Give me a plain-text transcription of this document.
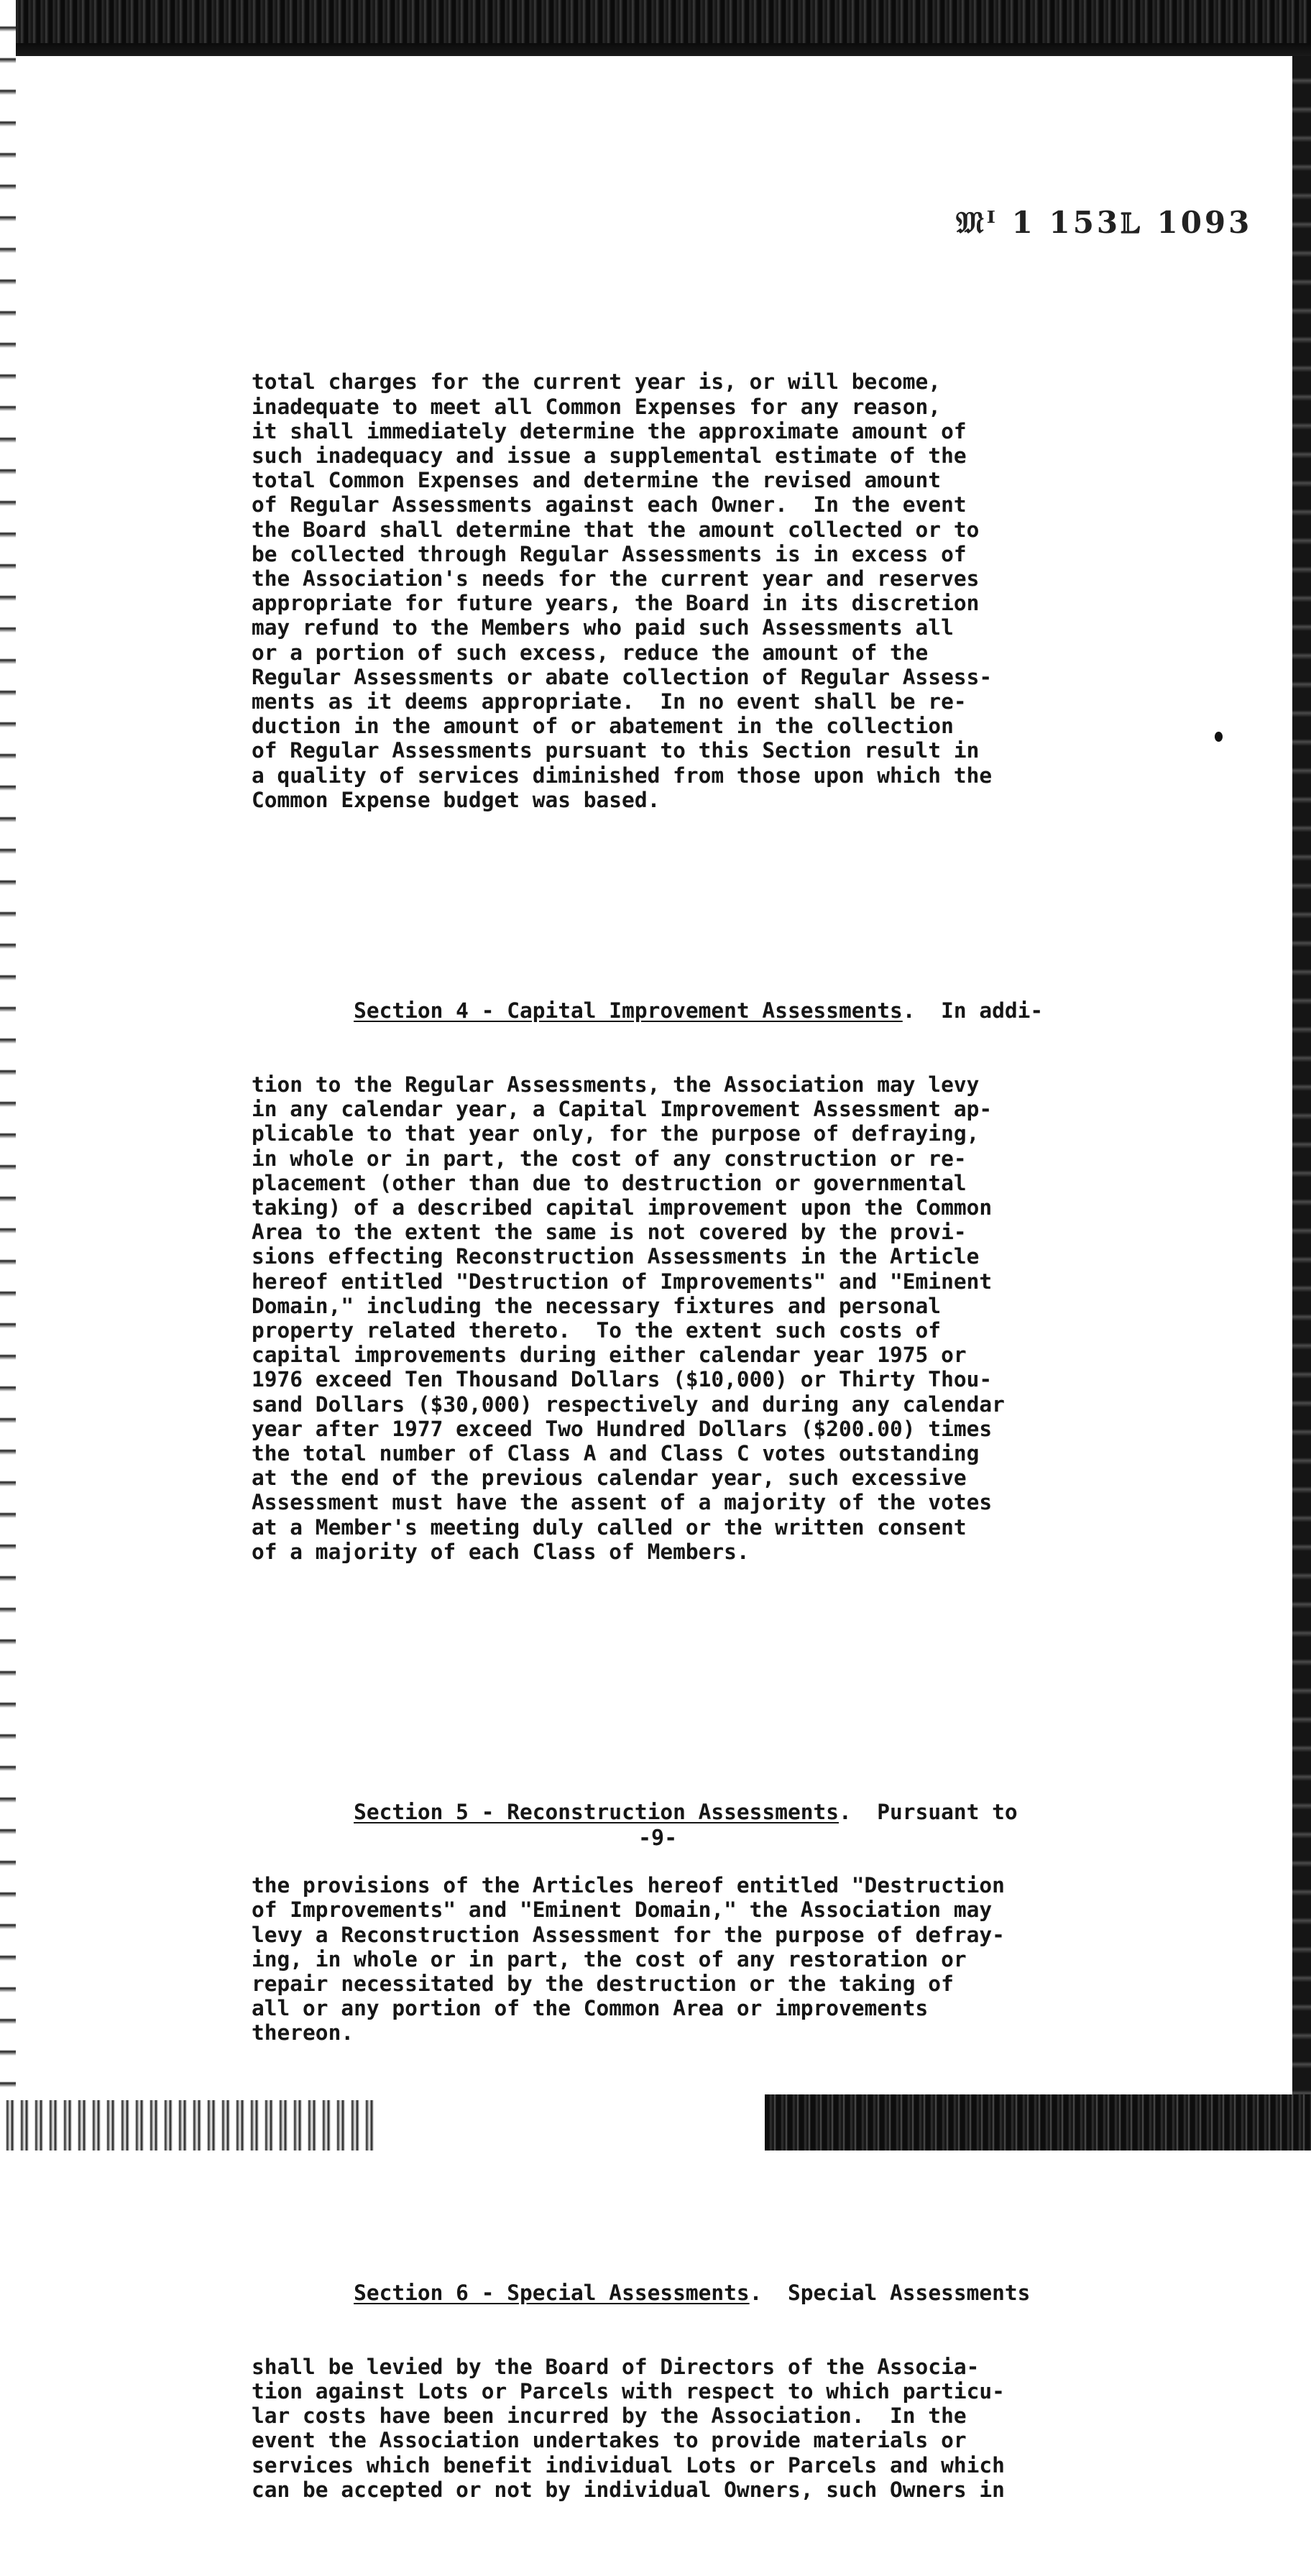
𝔐ᴵ 1 153𝕃 1093

total charges for the current year is, or will become,
inadequate to meet all Common Expenses for any reason,
it shall immediately determine the approximate amount of
such inadequacy and issue a supplemental estimate of the
total Common Expenses and determine the revised amount
of Regular Assessments against each Owner.  In the event
the Board shall determine that the amount collected or to
be collected through Regular Assessments is in excess of
the Association's needs for the current year and reserves
appropriate for future years, the Board in its discretion
may refund to the Members who paid such Assessments all
or a portion of such excess, reduce the amount of the
Regular Assessments or abate collection of Regular Assess-
ments as it deems appropriate.  In no event shall be re-
duction in the amount of or abatement in the collection
of Regular Assessments pursuant to this Section result in
a quality of services diminished from those upon which the
Common Expense budget was based.

Section 4 - Capital Improvement Assessments.  In addi-

tion to the Regular Assessments, the Association may levy
in any calendar year, a Capital Improvement Assessment ap-
plicable to that year only, for the purpose of defraying,
in whole or in part, the cost of any construction or re-
placement (other than due to destruction or governmental
taking) of a described capital improvement upon the Common
Area to the extent the same is not covered by the provi-
sions effecting Reconstruction Assessments in the Article
hereof entitled "Destruction of Improvements" and "Eminent
Domain," including the necessary fixtures and personal
property related thereto.  To the extent such costs of
capital improvements during either calendar year 1975 or
1976 exceed Ten Thousand Dollars ($10,000) or Thirty Thou-
sand Dollars ($30,000) respectively and during any calendar
year after 1977 exceed Two Hundred Dollars ($200.00) times
the total number of Class A and Class C votes outstanding
at the end of the previous calendar year, such excessive
Assessment must have the assent of a majority of the votes
at a Member's meeting duly called or the written consent
of a majority of each Class of Members.

Section 5 - Reconstruction Assessments.  Pursuant to

the provisions of the Articles hereof entitled "Destruction
of Improvements" and "Eminent Domain," the Association may
levy a Reconstruction Assessment for the purpose of defray-
ing, in whole or in part, the cost of any restoration or
repair necessitated by the destruction or the taking of
all or any portion of the Common Area or improvements
thereon.

Section 6 - Special Assessments.  Special Assessments

shall be levied by the Board of Directors of the Associa-
tion against Lots or Parcels with respect to which particu-
lar costs have been incurred by the Association.  In the
event the Association undertakes to provide materials or
services which benefit individual Lots or Parcels and which
can be accepted or not by individual Owners, such Owners in

-9-
